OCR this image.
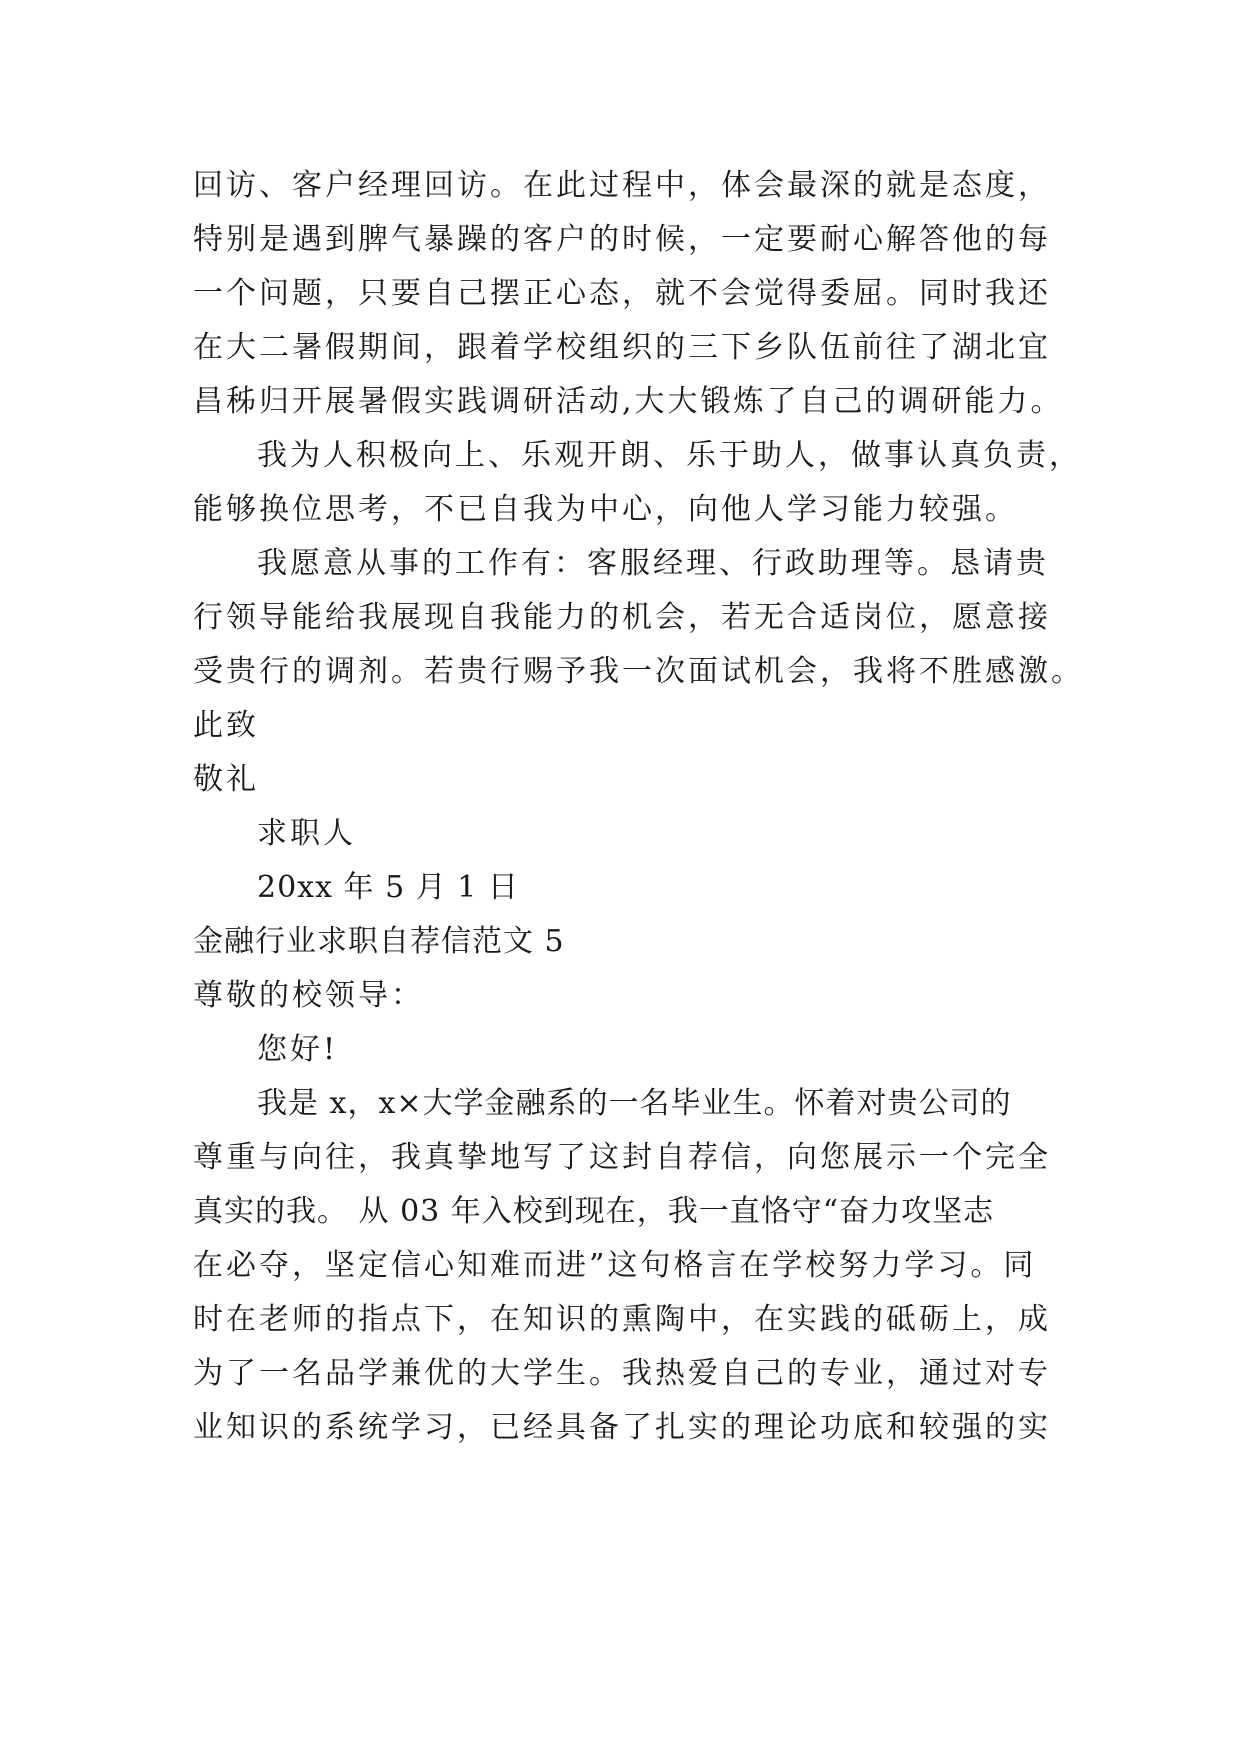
回访、客户经理回访。在此过程中，体会最深的就是态度，
特别是遇到脾气暴躁的客户的时候，一定要耐心解答他的每
一个问题，只要自己摆正心态，就不会觉得委屈。同时我还
在大二暑假期间，跟着学校组织的三下乡队伍前往了湖北宜
昌秭归开展暑假实践调研活动,大大锻炼了自己的调研能力。
我为人积极向上、乐观开朗、乐于助人，做事认真负责，
能够换位思考，不已自我为中心，向他人学习能力较强。
我愿意从事的工作有：客服经理、行政助理等。恳请贵
行领导能给我展现自我能力的机会，若无合适岗位，愿意接
受贵行的调剂。若贵行赐予我一次面试机会，我将不胜感激。
此致
敬礼
求职人
20xx 年 5 月 1 日
金融行业求职自荐信范文 5
尊敬的校领导：
您好!
我是 x，x×大学金融系的一名毕业生。怀着对贵公司的
尊重与向往，我真挚地写了这封自荐信，向您展示一个完全
真实的我。 从 03 年入校到现在，我一直恪守“奋力攻坚志
在必夺，坚定信心知难而进”这句格言在学校努力学习。同
时在老师的指点下，在知识的熏陶中，在实践的砥砺上，成
为了一名品学兼优的大学生。我热爱自己的专业，通过对专
业知识的系统学习，已经具备了扎实的理论功底和较强的实
